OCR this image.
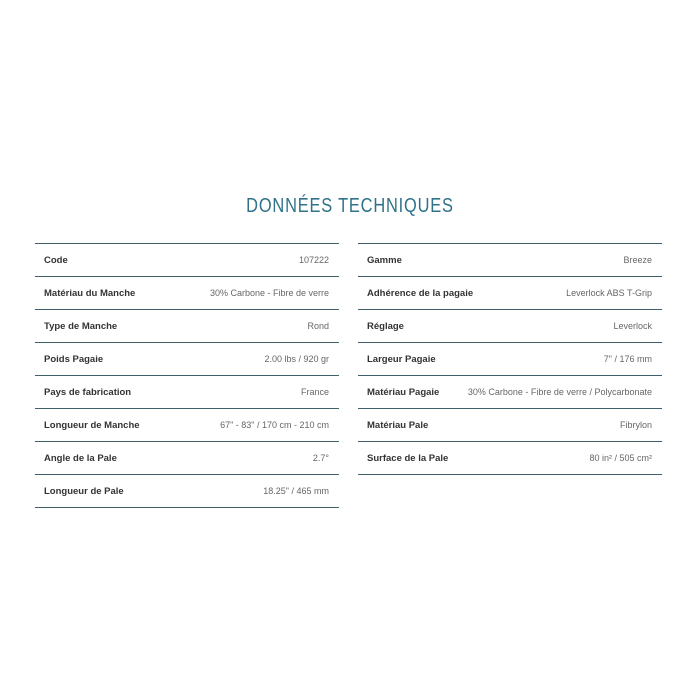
DONNÉES TECHNIQUES
Code	107222
Matériau du Manche	30% Carbone - Fibre de verre
Type de Manche	Rond
Poids Pagaie	2.00 lbs / 920 gr
Pays de fabrication	France
Longueur de Manche	67" - 83" / 170 cm - 210 cm
Angle de la Pale	2.7°
Longueur de Pale	18.25" / 465 mm
Gamme	Breeze
Adhérence de la pagaie	Leverlock ABS T-Grip
Réglage	Leverlock
Largeur Pagaie	7" / 176 mm
Matériau Pagaie	30% Carbone - Fibre de verre / Polycarbonate
Matériau Pale	Fibrylon
Surface de la Pale	80 in² / 505 cm²
